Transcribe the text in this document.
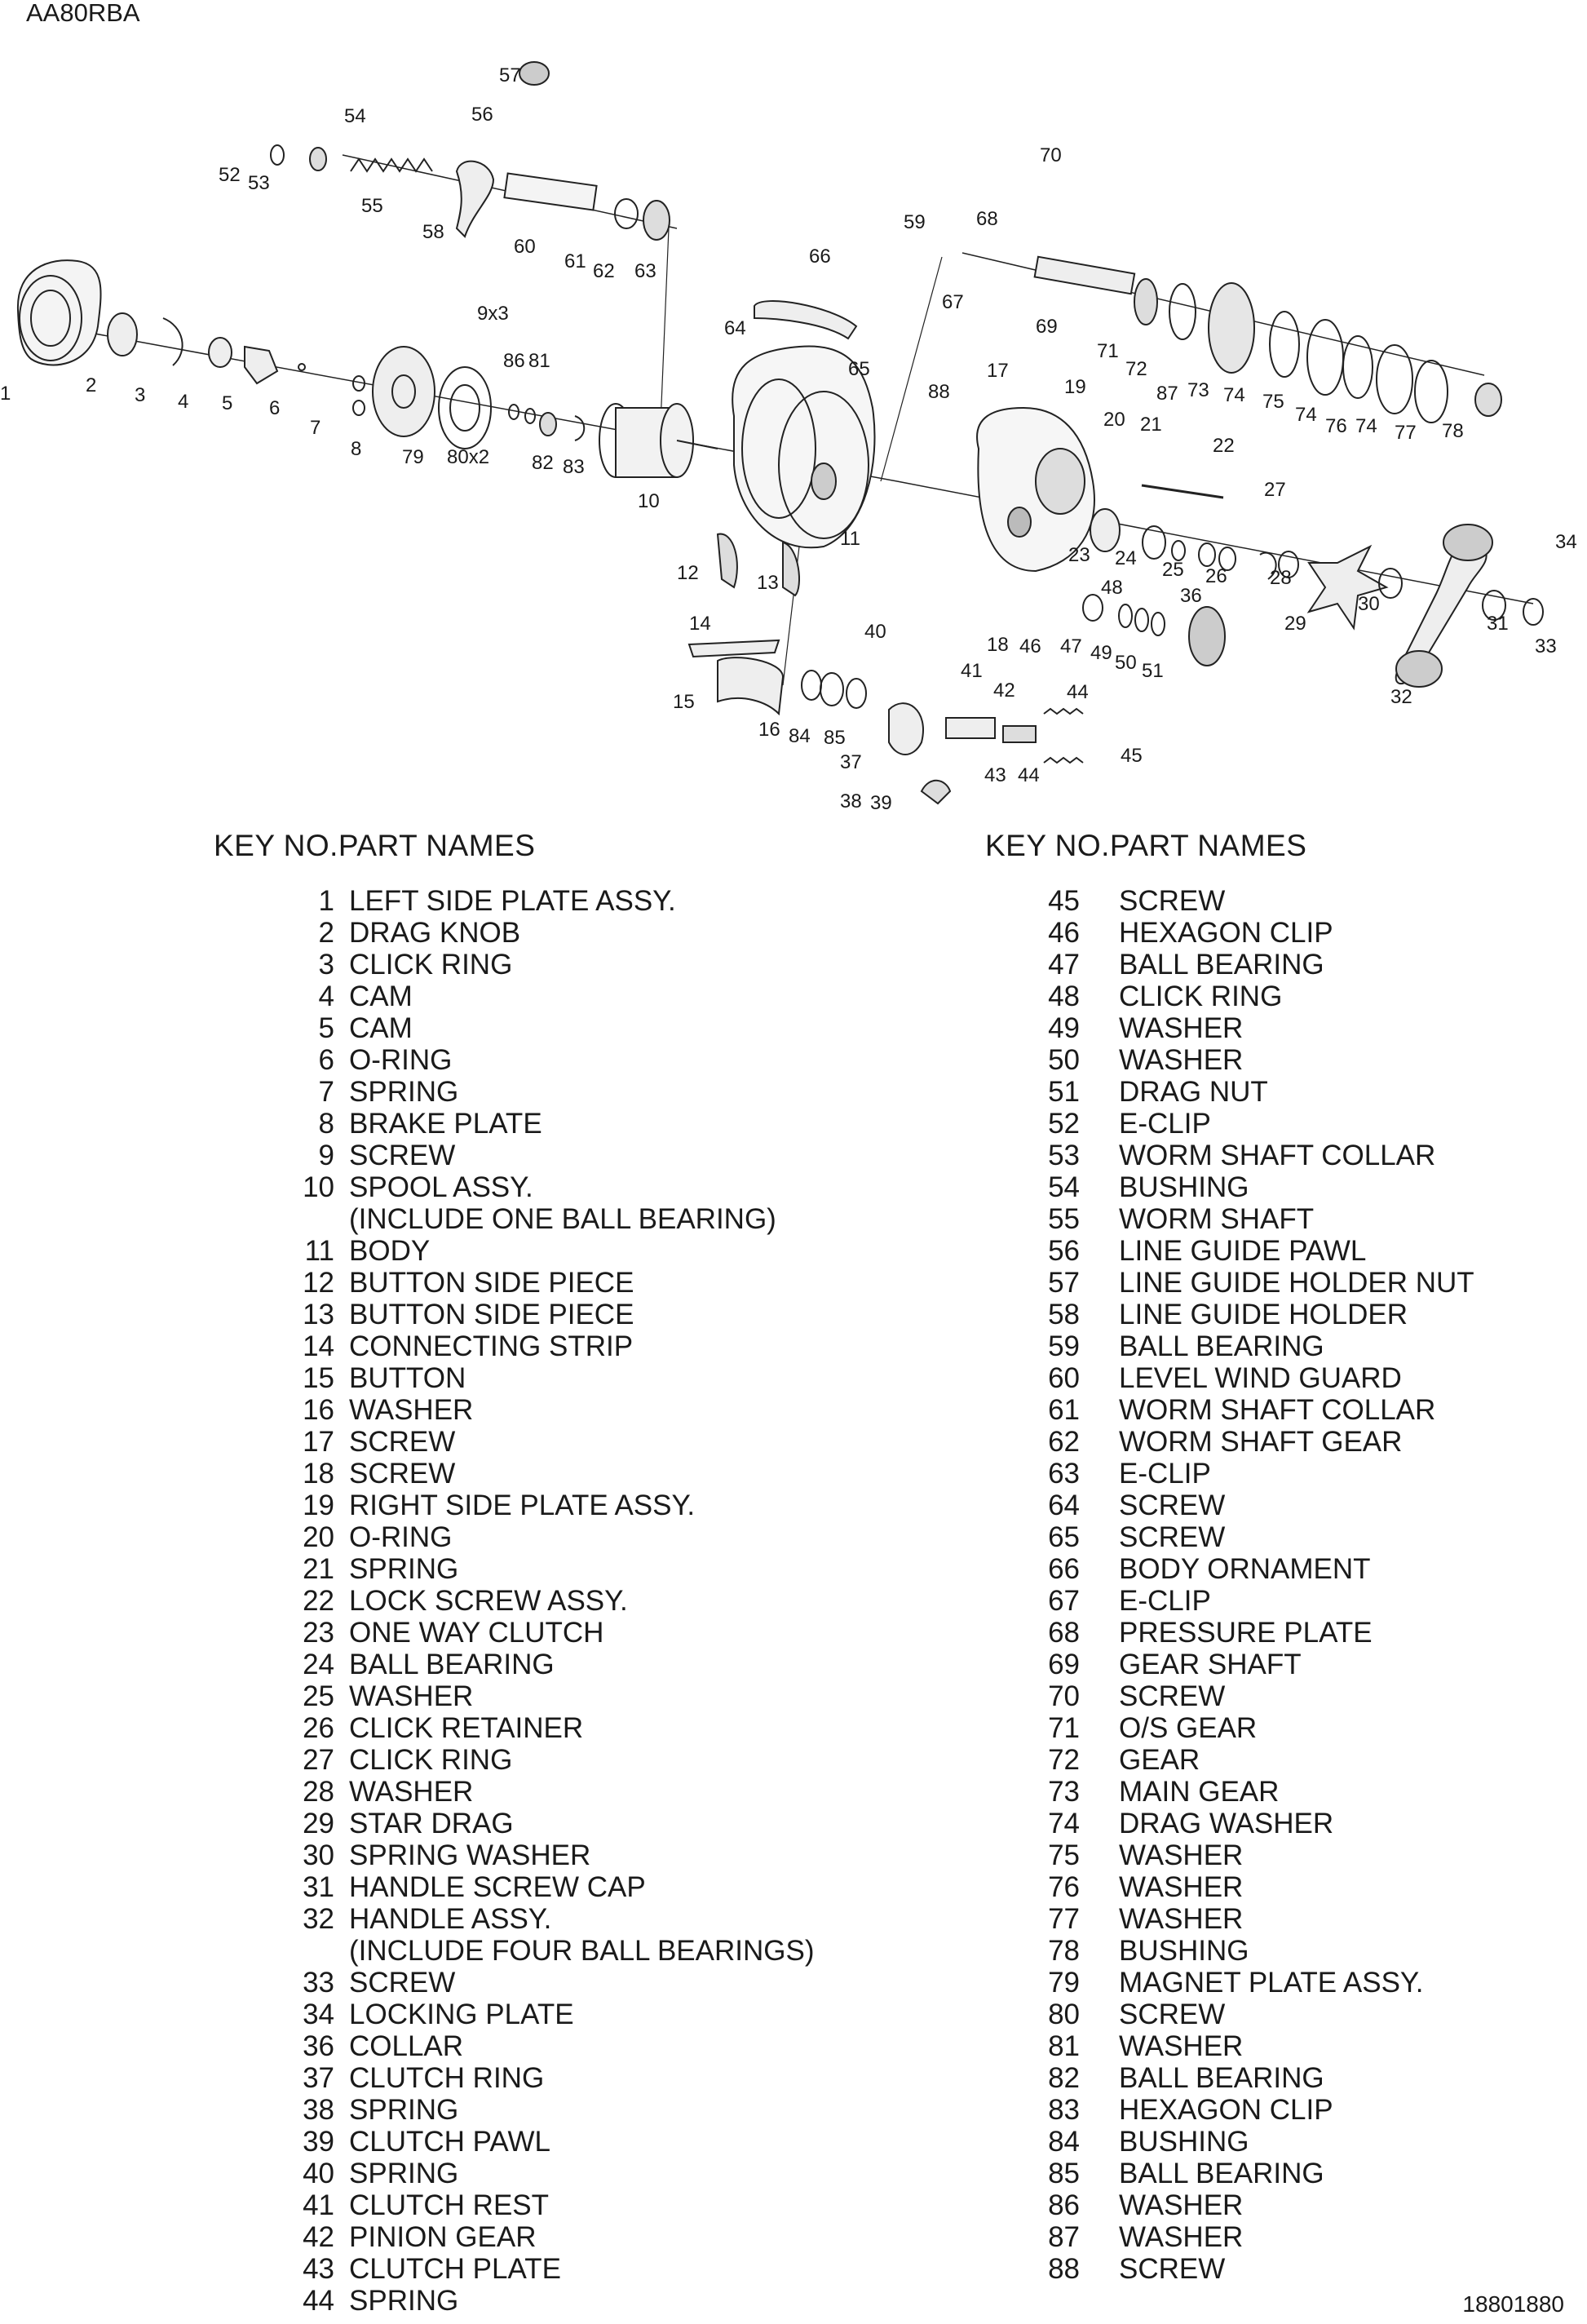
AA80RBA
1	2 3 4 5 6
7
8
9x3
10
11
12	13
14
15
16
17
18
19
20 21
22
23 24
25 26
27
28
29
30
31
32
33
34
36
37
38 39
40
41
42
43
44
44
45
46 47
48
49 50 51
52 53
54
55
56
57
58	59
60
61 62 63
64
65
66
67
68
69
70
71
72
73 74
74
74
75
76 77 78
79 80x2
81
82 83
84 85
86
87
88
KEY NO.PART NAMES	KEY NO.PART NAMES
1 LEFT SIDE PLATE ASSY.
2 DRAG KNOB
3 CLICK RING
4 CAM
5 CAM
6 O-RING
7 SPRING
8 BRAKE PLATE
9 SCREW
10 SPOOL ASSY.
(INCLUDE ONE BALL BEARING)
11 BODY
12 BUTTON SIDE PIECE
13 BUTTON SIDE PIECE
14 CONNECTING STRIP
15 BUTTON
16 WASHER
17 SCREW
18 SCREW
19 RIGHT SIDE PLATE ASSY.
20 O-RING
21 SPRING
22 LOCK SCREW ASSY.
23 ONE WAY CLUTCH
24 BALL BEARING
25 WASHER
26 CLICK RETAINER
27 CLICK RING
28 WASHER
29 STAR DRAG
30 SPRING WASHER
31 HANDLE SCREW CAP
32 HANDLE ASSY.
(INCLUDE FOUR BALL BEARINGS)
33 SCREW
34 LOCKING PLATE
36 COLLAR
37 CLUTCH RING
38 SPRING
39 CLUTCH PAWL
40 SPRING
41 CLUTCH REST
42 PINION GEAR
43 CLUTCH PLATE
44 SPRING
45 SCREW
46 HEXAGON CLIP
47 BALL BEARING
48 CLICK RING
49 WASHER
50 WASHER
51 DRAG NUT
52 E-CLIP
53 WORM SHAFT COLLAR
54 BUSHING
55 WORM SHAFT
56 LINE GUIDE PAWL
57 LINE GUIDE HOLDER NUT
58 LINE GUIDE HOLDER
59 BALL BEARING
60 LEVEL WIND GUARD
61 WORM SHAFT COLLAR
62 WORM SHAFT GEAR
63 E-CLIP
64 SCREW
65 SCREW
66 BODY ORNAMENT
67 E-CLIP
68 PRESSURE PLATE
69 GEAR SHAFT
70 SCREW
71 O/S GEAR
72 GEAR
73 MAIN GEAR
74 DRAG WASHER
75 WASHER
76 WASHER
77 WASHER
78 BUSHING
79 MAGNET PLATE ASSY.
80 SCREW
81 WASHER
82 BALL BEARING
83 HEXAGON CLIP
84 BUSHING
85 BALL BEARING
86 WASHER
87 WASHER
88 SCREW
18801880
